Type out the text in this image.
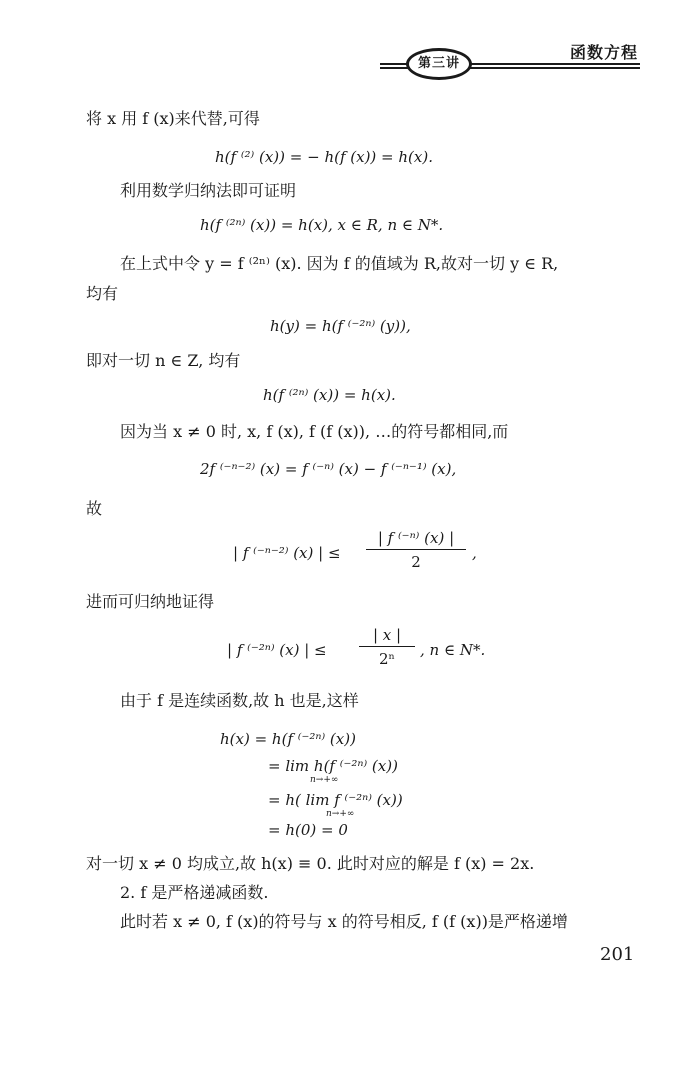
第三讲
函数方程
将 x 用 f (x)来代替,可得
h(f ⁽²⁾ (x)) = − h(f (x)) = h(x).
利用数学归纳法即可证明
h(f ⁽²ⁿ⁾ (x)) = h(x), x ∈ R, n ∈ N*.
在上式中令 y = f ⁽²ⁿ⁾ (x). 因为 f 的值域为 R,故对一切 y ∈ R,
均有
h(y) = h(f ⁽⁻²ⁿ⁾ (y)),
即对一切 n ∈ Z, 均有
h(f ⁽²ⁿ⁾ (x)) = h(x).
因为当 x ≠ 0 时, x, f (x), f (f (x)), …的符号都相同,而
2f ⁽⁻ⁿ⁻²⁾ (x) = f ⁽⁻ⁿ⁾ (x) − f ⁽⁻ⁿ⁻¹⁾ (x),
故
| f ⁽⁻ⁿ⁻²⁾ (x) | ≤ $\frac{\text{| f ⁽⁻ⁿ⁾ (x) |}}{2}$ ,
进而可归纳地证得
| f ⁽⁻²ⁿ⁾ (x) | ≤ $\frac{| x |}{\text{2ⁿ}}$ , n ∈ N*.
由于 f 是连续函数,故 h 也是,这样
h(x) = h(f ⁽⁻²ⁿ⁾ (x))
= lim h(f ⁽⁻²ⁿ⁾ (x))
n→+∞
= h( lim f ⁽⁻²ⁿ⁾ (x))
n→+∞
= h(0) = 0
对一切 x ≠ 0 均成立,故 h(x) ≡ 0. 此时对应的解是 f (x) = 2x.
2. f 是严格递减函数.
此时若 x ≠ 0, f (x)的符号与 x 的符号相反, f (f (x))是严格递增
201
